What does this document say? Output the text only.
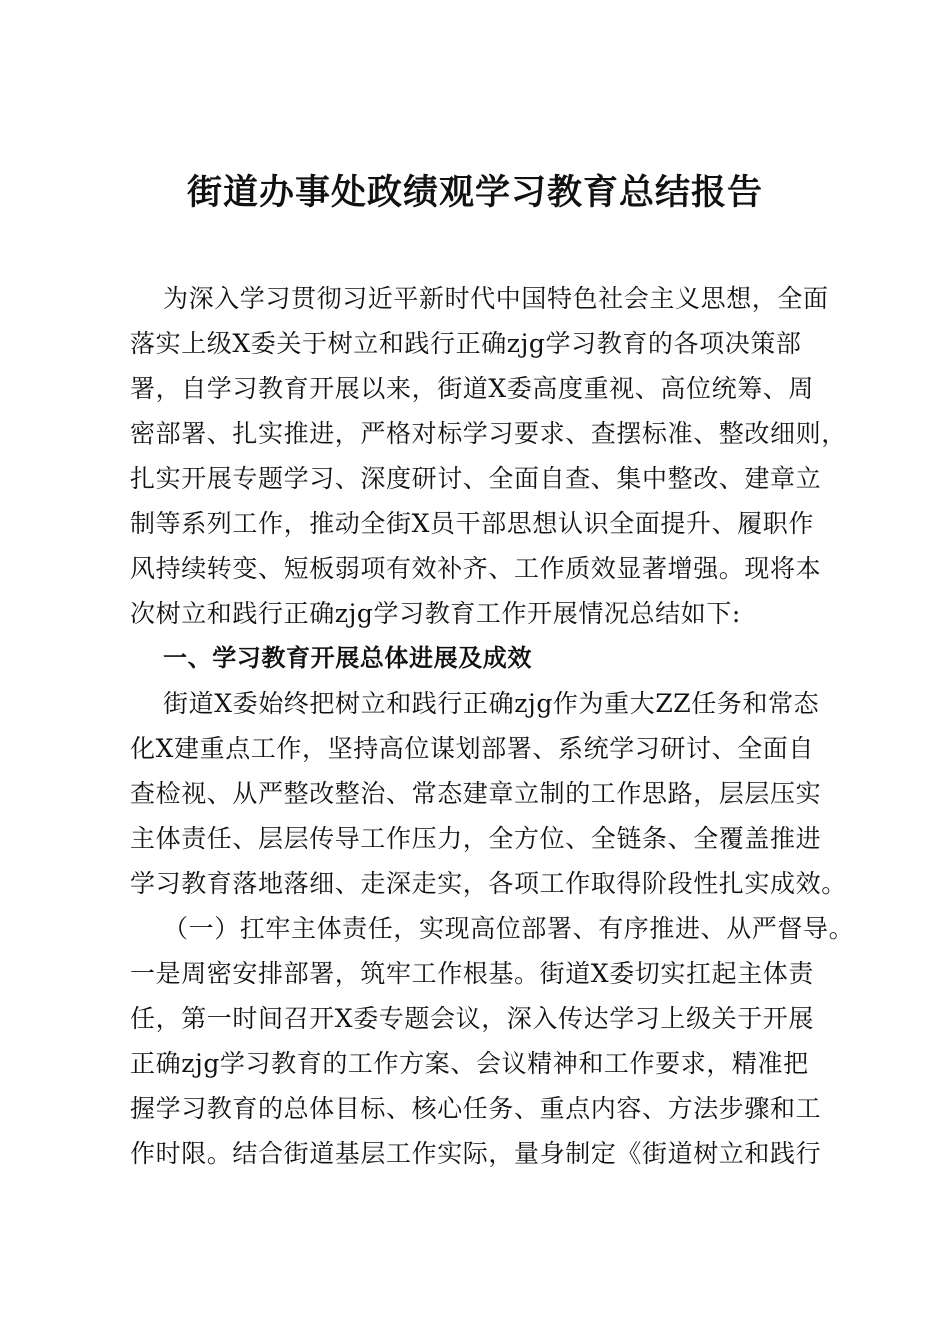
街道办事处政绩观学习教育总结报告
为深入学习贯彻习近平新时代中国特色社会主义思想，全面
落实上级X委关于树立和践行正确zjg学习教育的各项决策部
署，自学习教育开展以来，街道X委高度重视、高位统筹、周
密部署、扎实推进，严格对标学习要求、查摆标准、整改细则，
扎实开展专题学习、深度研讨、全面自查、集中整改、建章立
制等系列工作，推动全街X员干部思想认识全面提升、履职作
风持续转变、短板弱项有效补齐、工作质效显著增强。现将本
次树立和践行正确zjg学习教育工作开展情况总结如下:
一、学习教育开展总体进展及成效
街道X委始终把树立和践行正确zjg作为重大ZZ任务和常态
化X建重点工作，坚持高位谋划部署、系统学习研讨、全面自
查检视、从严整改整治、常态建章立制的工作思路，层层压实
主体责任、层层传导工作压力，全方位、全链条、全覆盖推进
学习教育落地落细、走深走实，各项工作取得阶段性扎实成效。
（一）扛牢主体责任，实现高位部署、有序推进、从严督导。
一是周密安排部署，筑牢工作根基。街道X委切实扛起主体责
任，第一时间召开X委专题会议，深入传达学习上级关于开展
正确zjg学习教育的工作方案、会议精神和工作要求，精准把
握学习教育的总体目标、核心任务、重点内容、方法步骤和工
作时限。结合街道基层工作实际，量身制定《街道树立和践行
